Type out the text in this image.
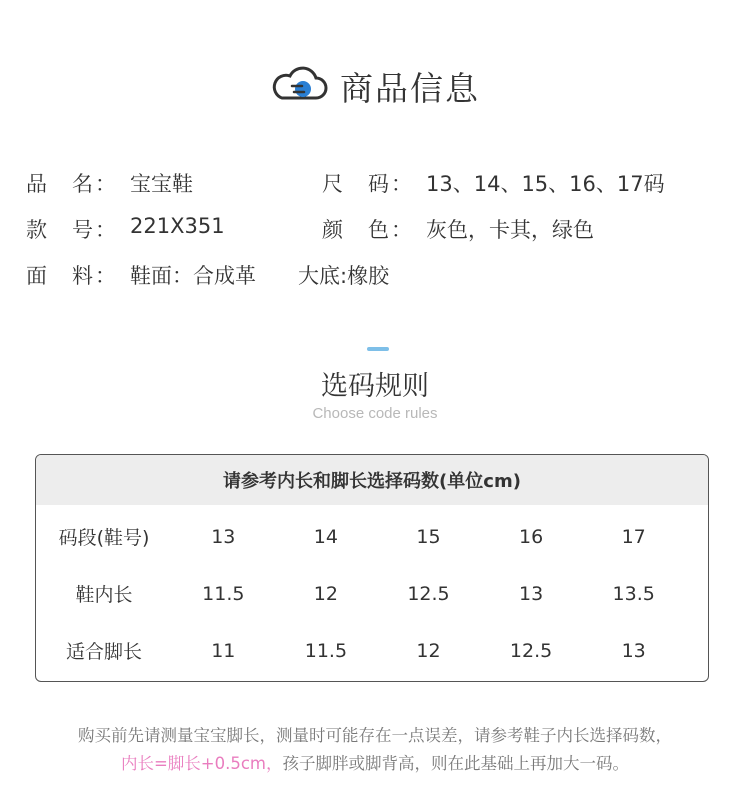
商品信息
品　名： 宝宝鞋	尺　码： 13、14、15、16、17码
款　号： 221X351	颜　色： 灰色，卡其，绿色
面　料： 鞋面：合成革 大底:橡胶
选码规则
Choose code rules
请参考内长和脚长选择码数(单位cm)
码段(鞋号)	13	14	15	16	17
鞋内长	11.5	12	12.5	13	13.5
适合脚长	11	11.5	12	12.5	13
购买前先请测量宝宝脚长，测量时可能存在一点误差，请参考鞋子内长选择码数，
内长=脚长+0.5cm，孩子脚胖或脚背高，则在此基础上再加大一码。
